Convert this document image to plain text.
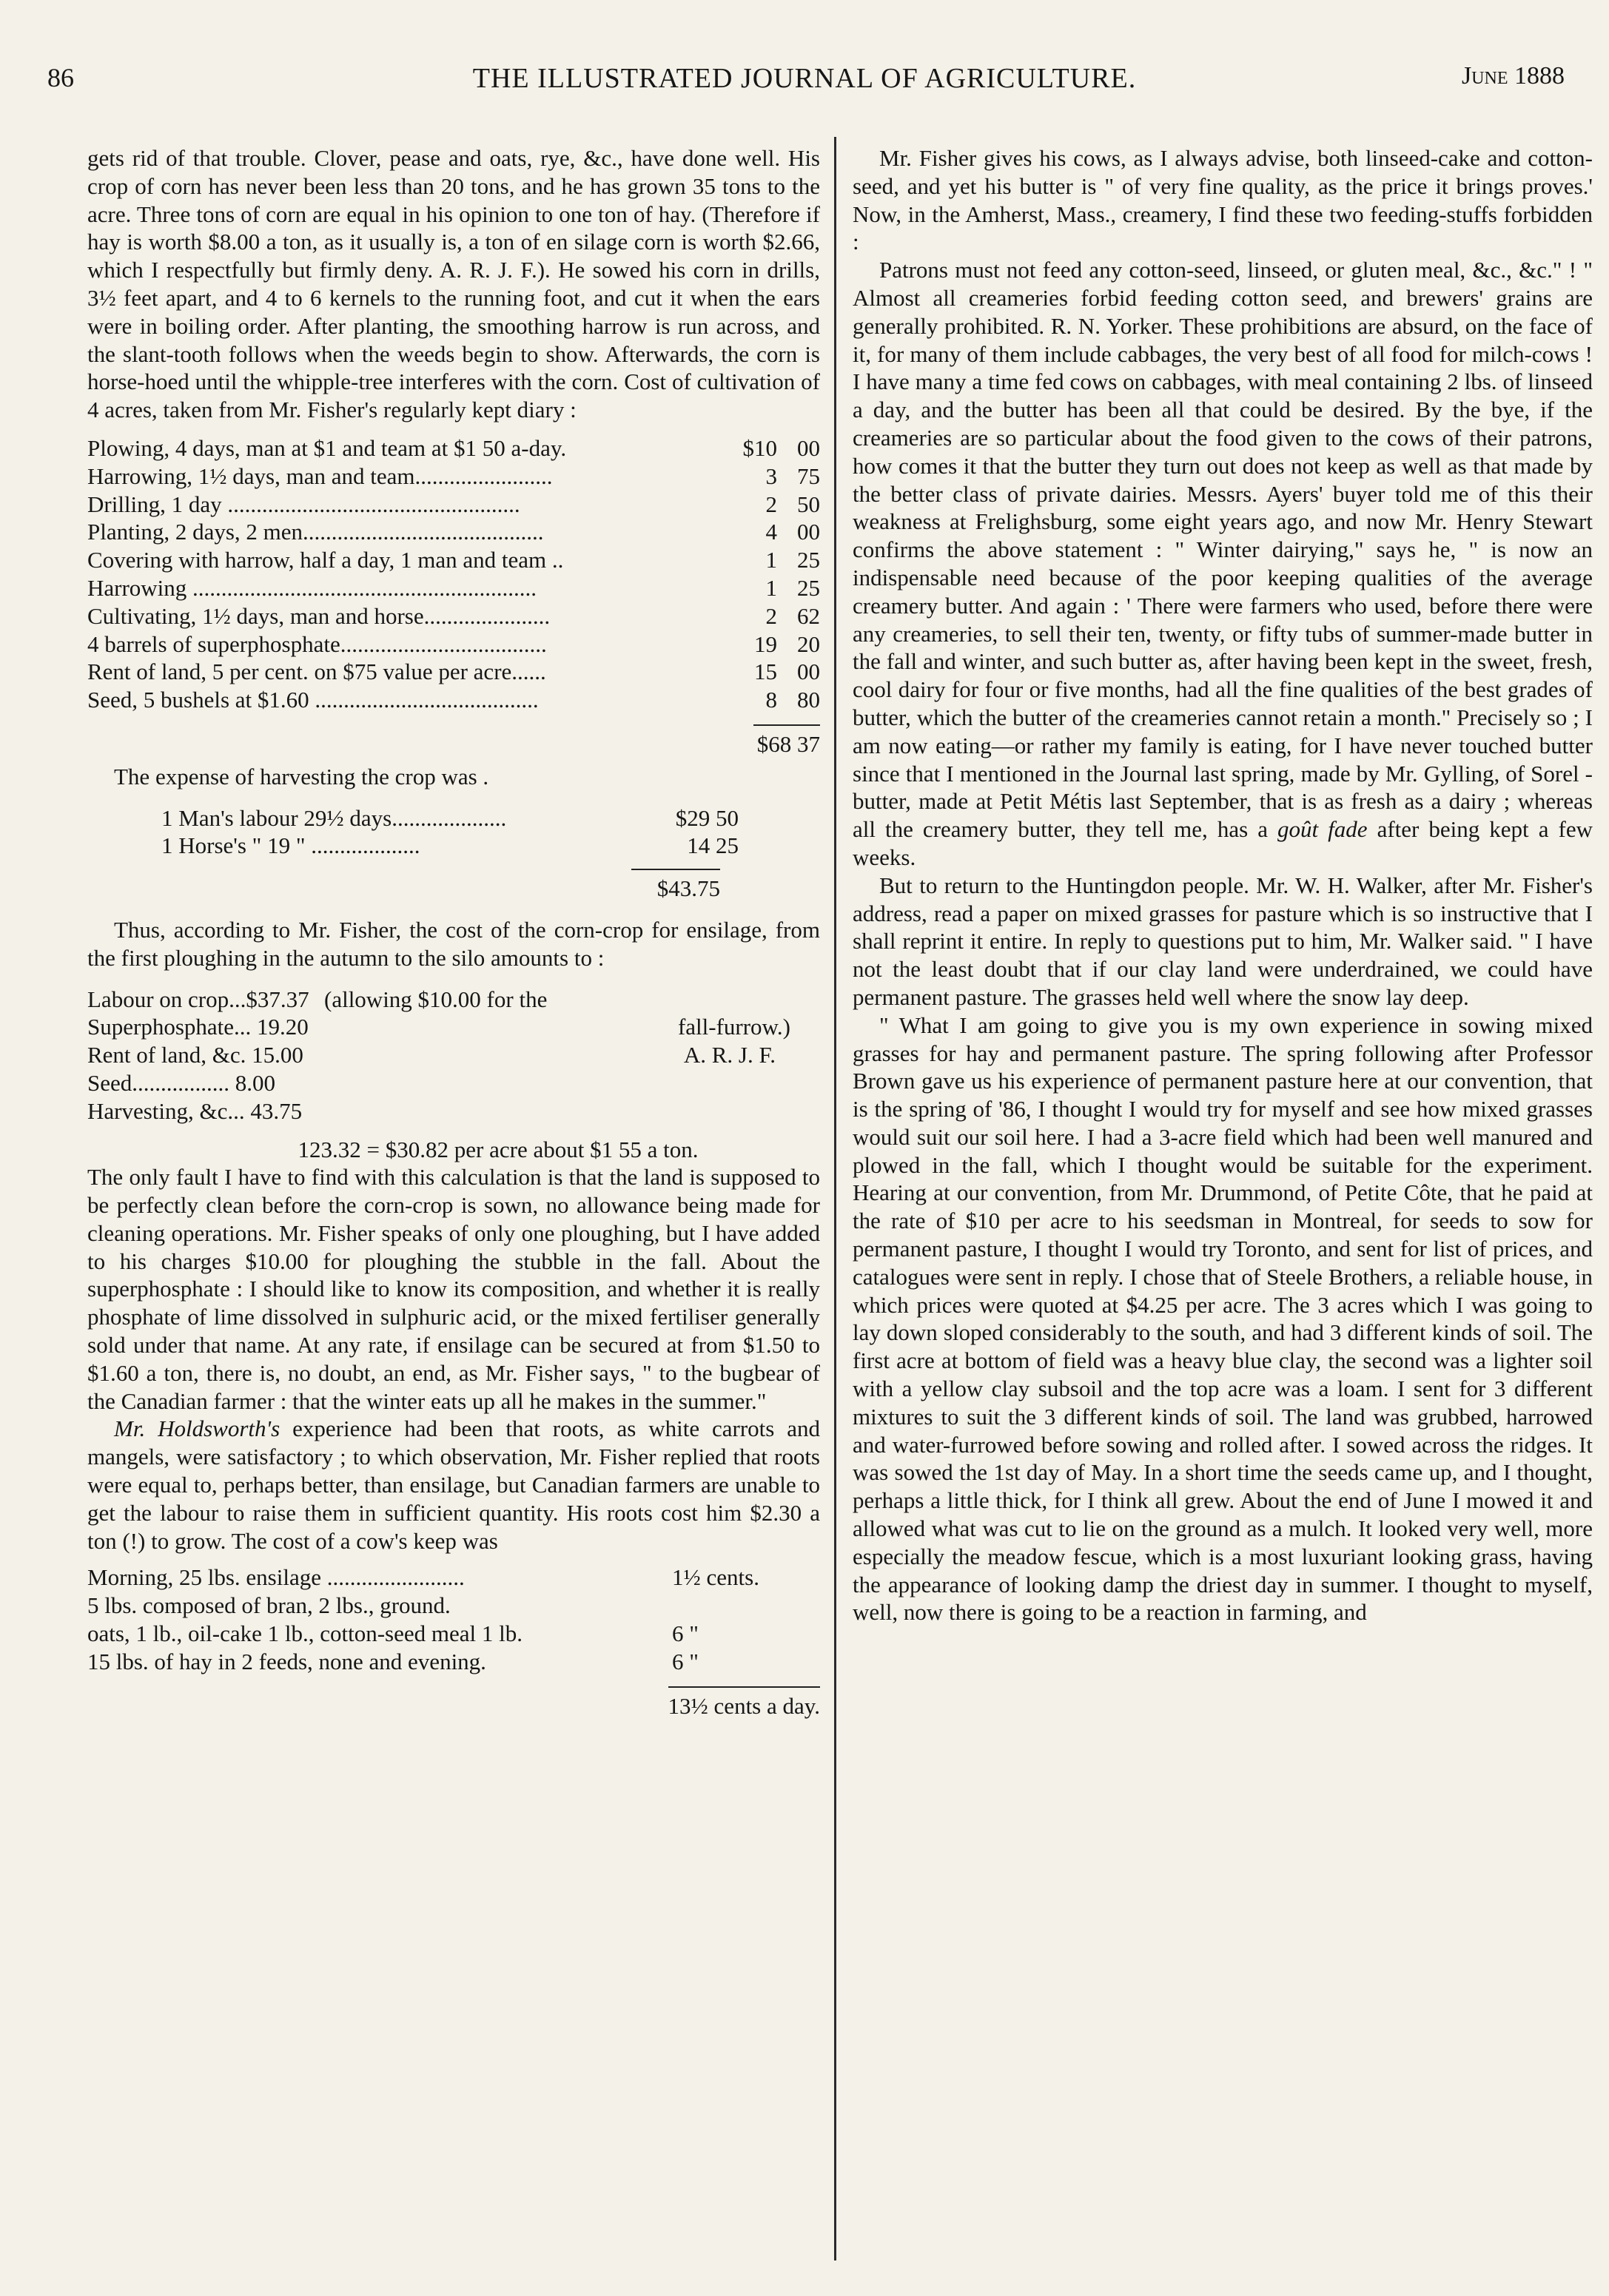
86	THE ILLUSTRATED JOURNAL OF AGRICULTURE.	June 1888

gets rid of that trouble. Clover, pease and oats, rye, &c., have done well. His crop of corn has never been less than 20 tons, and he has grown 35 tons to the acre. Three tons of corn are equal in his opinion to one ton of hay. (Therefore if hay is worth $8.00 a ton, as it usually is, a ton of en silage corn is worth $2.66, which I respectfully but firmly deny. A. R. J. F.). He sowed his corn in drills, 3½ feet apart, and 4 to 6 kernels to the running foot, and cut it when the ears were in boiling order. After planting, the smoothing harrow is run across, and the slant-tooth follows when the weeds begin to show. Afterwards, the corn is horse-hoed until the whipple-tree interferes with the corn. Cost of cultivation of 4 acres, taken from Mr. Fisher's regularly kept diary :

Plowing, 4 days, man at $1 and team at $1 50 a-day.	$10 00
Harrowing, 1½ days, man and team........................	3 75
Drilling, 1 day ...................................................	2 50
Planting, 2 days, 2 men..........................................	4 00
Covering with harrow, half a day, 1 man and team ..	1 25
Harrowing ............................................................	1 25
Cultivating, 1½ days, man and horse......................	2 62
4 barrels of superphosphate....................................	19 20
Rent of land, 5 per cent. on $75 value per acre......	15 00
Seed, 5 bushels at $1.60 .......................................	8 80
$68 37

The expense of harvesting the crop was .

1 Man's labour 29½ days....................	$29 50
1 Horse's " 19 " ...................	14 25
$43.75

Thus, according to Mr. Fisher, the cost of the corn-crop for ensilage, from the first ploughing in the autumn to the silo amounts to :

Labour on crop...$37.37 (allowing $10.00 for the
Superphosphate... 19.20	fall-furrow.)
Rent of land, &c. 15.00	A. R. J. F.
Seed................. 8.00
Harvesting, &c... 43.75
123.32 = $30.82 per acre about $1 55 a ton.

The only fault I have to find with this calculation is that the land is supposed to be perfectly clean before the corn-crop is sown, no allowance being made for cleaning operations. Mr. Fisher speaks of only one ploughing, but I have added to his charges $10.00 for ploughing the stubble in the fall. About the superphosphate : I should like to know its composition, and whether it is really phosphate of lime dissolved in sulphuric acid, or the mixed fertiliser generally sold under that name. At any rate, if ensilage can be secured at from $1.50 to $1.60 a ton, there is, no doubt, an end, as Mr. Fisher says, " to the bugbear of the Canadian farmer : that the winter eats up all he makes in the summer."

Mr. Holdsworth's experience had been that roots, as white carrots and mangels, were satisfactory ; to which observation, Mr. Fisher replied that roots were equal to, perhaps better, than ensilage, but Canadian farmers are unable to get the labour to raise them in sufficient quantity. His roots cost him $2.30 a ton (!) to grow. The cost of a cow's keep was

Morning, 25 lbs. ensilage ........................	1½ cents.
5 lbs. composed of bran, 2 lbs., ground.
oats, 1 lb., oil-cake 1 lb., cotton-seed meal 1 lb.	6 "
15 lbs. of hay in 2 feeds, none and evening.	6 "
13½ cents a day.

Mr. Fisher gives his cows, as I always advise, both linseed-cake and cotton-seed, and yet his butter is " of very fine quality, as the price it brings proves.' Now, in the Amherst, Mass., creamery, I find these two feeding-stuffs forbidden :

Patrons must not feed any cotton-seed, linseed, or gluten meal, &c., &c." ! " Almost all creameries forbid feeding cotton seed, and brewers' grains are generally prohibited. R. N. Yorker. These prohibitions are absurd, on the face of it, for many of them include cabbages, the very best of all food for milch-cows ! I have many a time fed cows on cabbages, with meal containing 2 lbs. of linseed a day, and the butter has been all that could be desired. By the bye, if the creameries are so particular about the food given to the cows of their patrons, how comes it that the butter they turn out does not keep as well as that made by the better class of private dairies. Messrs. Ayers' buyer told me of this their weakness at Frelighsburg, some eight years ago, and now Mr. Henry Stewart confirms the above statement : " Winter dairying," says he, " is now an indispensable need because of the poor keeping qualities of the average creamery butter. And again : ' There were farmers who used, before there were any creameries, to sell their ten, twenty, or fifty tubs of summer-made butter in the fall and winter, and such butter as, after having been kept in the sweet, fresh, cool dairy for four or five months, had all the fine qualities of the best grades of butter, which the butter of the creameries cannot retain a month." Precisely so ; I am now eating—or rather my family is eating, for I have never touched butter since that I mentioned in the Journal last spring, made by Mr. Gylling, of Sorel -butter, made at Petit Métis last September, that is as fresh as a dairy ; whereas all the creamery butter, they tell me, has a goût fade after being kept a few weeks.

But to return to the Huntingdon people. Mr. W. H. Walker, after Mr. Fisher's address, read a paper on mixed grasses for pasture which is so instructive that I shall reprint it entire. In reply to questions put to him, Mr. Walker said. " I have not the least doubt that if our clay land were underdrained, we could have permanent pasture. The grasses held well where the snow lay deep.

" What I am going to give you is my own experience in sowing mixed grasses for hay and permanent pasture. The spring following after Professor Brown gave us his experience of permanent pasture here at our convention, that is the spring of '86, I thought I would try for myself and see how mixed grasses would suit our soil here. I had a 3-acre field which had been well manured and plowed in the fall, which I thought would be suitable for the experiment. Hearing at our convention, from Mr. Drummond, of Petite Côte, that he paid at the rate of $10 per acre to his seedsman in Montreal, for seeds to sow for permanent pasture, I thought I would try Toronto, and sent for list of prices, and catalogues were sent in reply. I chose that of Steele Brothers, a reliable house, in which prices were quoted at $4.25 per acre. The 3 acres which I was going to lay down sloped considerably to the south, and had 3 different kinds of soil. The first acre at bottom of field was a heavy blue clay, the second was a lighter soil with a yellow clay subsoil and the top acre was a loam. I sent for 3 different mixtures to suit the 3 different kinds of soil. The land was grubbed, harrowed and water-furrowed before sowing and rolled after. I sowed across the ridges. It was sowed the 1st day of May. In a short time the seeds came up, and I thought, perhaps a little thick, for I think all grew. About the end of June I mowed it and allowed what was cut to lie on the ground as a mulch. It looked very well, more especially the meadow fescue, which is a most luxuriant looking grass, having the appearance of looking damp the driest day in summer. I thought to myself, well, now there is going to be a reaction in farming, and
